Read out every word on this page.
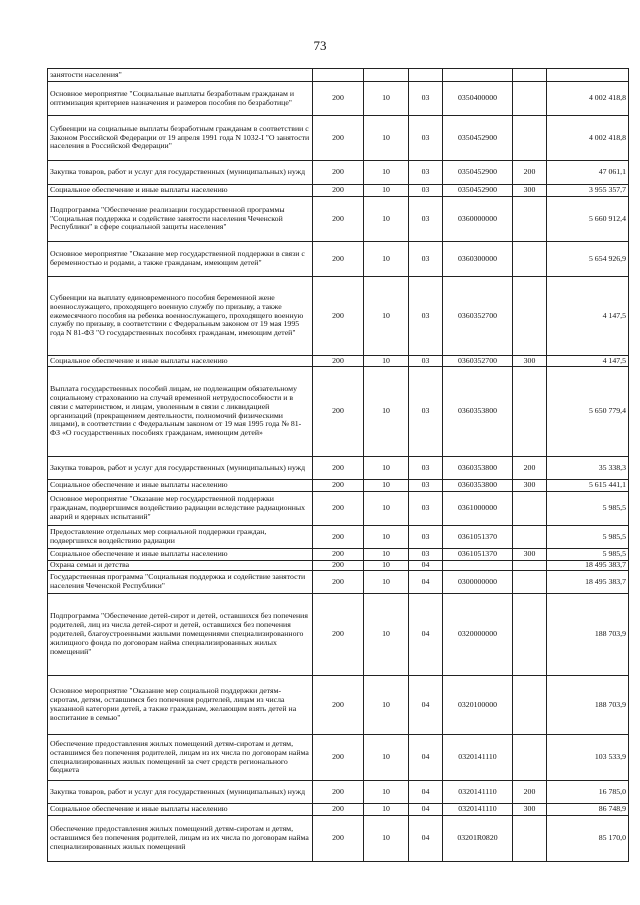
73
занятости населения"						
Основное мероприятие "Социальные выплаты безработным гражданам и оптимизация критериев назначения и размеров пособия по безработице"	200	10	03	0350400000		4 002 418,8
Субвенции на социальные выплаты безработным гражданам в соответствии с Законом Российской Федерации от 19 апреля 1991 года N 1032-I "О занятости населения в Российской Федерации"	200	10	03	0350452900		4 002 418,8
Закупка товаров, работ и услуг для государственных (муниципальных) нужд	200	10	03	0350452900	200	47 061,1
Социальное обеспечение и иные выплаты населению	200	10	03	0350452900	300	3 955 357,7
Подпрограмма "Обеспечение реализации государственной программы "Социальная поддержка и содействие занятости населения Чеченской Республики" в сфере социальной защиты населения"	200	10	03	0360000000		5 660 912,4
Основное мероприятие "Оказание мер государственной поддержки в связи с беременностью и родами, а также гражданам, имеющим детей"	200	10	03	0360300000		5 654 926,9
Субвенции на выплату единовременного пособия беременной жене военнослужащего, проходящего военную службу по призыву, а также ежемесячного пособия на ребенка военнослужащего, проходящего военную службу по призыву, в соответствии с Федеральным законом от 19 мая 1995 года N 81-ФЗ "О государственных пособиях гражданам, имеющим детей"	200	10	03	0360352700		4 147,5
Социальное обеспечение и иные выплаты населению	200	10	03	0360352700	300	4 147,5
Выплата государственных пособий лицам, не подлежащим обязательному социальному страхованию на случай временной нетрудоспособности и в связи с материнством, и лицам, уволенным в связи с ликвидацией организаций (прекращением деятельности, полномочий физическими лицами), в соответствии с Федеральным законом от 19 мая 1995 года № 81-ФЗ «О государственных пособиях гражданам, имеющим детей»	200	10	03	0360353800		5 650 779,4
Закупка товаров, работ и услуг для государственных (муниципальных) нужд	200	10	03	0360353800	200	35 338,3
Социальное обеспечение и иные выплаты населению	200	10	03	0360353800	300	5 615 441,1
Основное мероприятие "Оказание мер государственной поддержки гражданам, подвергшимся воздействию радиации вследствие радиационных аварий и ядерных испытаний"	200	10	03	0361000000		5 985,5
Предоставление отдельных мер социальной поддержки граждан, подвергшихся воздействию радиации	200	10	03	0361051370		5 985,5
Социальное обеспечение и иные выплаты населению	200	10	03	0361051370	300	5 985,5
Охрана семьи и детства	200	10	04			18 495 383,7
Государственная программа "Социальная поддержка и содействие занятости населения Чеченской Республики"	200	10	04	0300000000		18 495 383,7
Подпрограмма "Обеспечение детей-сирот и детей, оставшихся без попечения родителей, лиц из числа детей-сирот и детей, оставшихся без попечения родителей, благоустроенными жилыми помещениями специализированного жилищного фонда по договорам найма специализированных жилых помещений"	200	10	04	0320000000		188 703,9
Основное мероприятие "Оказание мер социальной поддержки детям-сиротам, детям, оставшимся без попечения родителей, лицам из числа указанной категории детей, а также гражданам, желающим взять детей на воспитание в семью"	200	10	04	0320100000		188 703,9
Обеспечение предоставления жилых помещений детям-сиротам и детям, оставшимся без попечения родителей, лицам из их числа по договорам найма специализированных жилых помещений за счет средств регионального бюджета	200	10	04	0320141110		103 533,9
Закупка товаров, работ и услуг для государственных (муниципальных) нужд	200	10	04	0320141110	200	16 785,0
Социальное обеспечение и иные выплаты населению	200	10	04	0320141110	300	86 748,9
Обеспечение предоставления жилых помещений детям-сиротам и детям, оставшимся без попечения родителей, лицам из их числа по договорам найма специализированных жилых помещений	200	10	04	03201R0820		85 170,0
